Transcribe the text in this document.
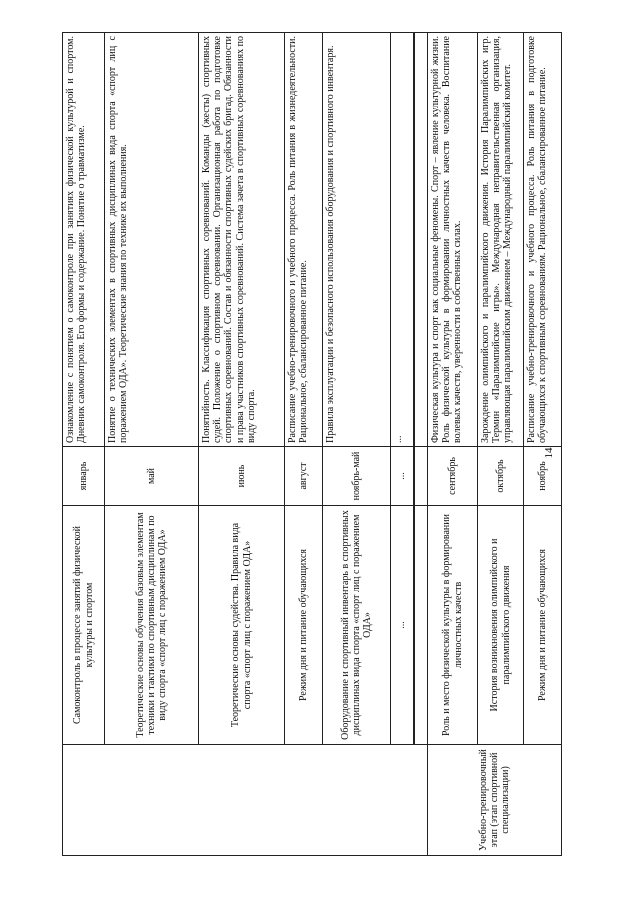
14
	Самоконтроль в процессе занятий физической культуры и спортом	январь	Ознакомление с понятием о самоконтроле при занятиях физической культурой и спортом. Дневник самоконтроля. Его формы и содержание. Понятие о травматизме.
	Теоретические основы обучения базовым элементам техники и тактики по спортивным дисциплинам по виду спорта «спорт лиц с поражением ОДА»	май	Понятие о технических элементах в спортивных дисциплинах вида спорта «спорт лиц с поражением ОДА». Теоретические знания по технике их выполнения.
	Теоретические основы судейства. Правила вида спорта «спорт лиц с поражением ОДА»	июнь	Понятийность. Классификация спортивных соревнований. Команды (жесты) спортивных судей. Положение о спортивном соревновании. Организационная работа по подготовке спортивных соревнований. Состав и обязанности спортивных судейских бригад. Обязанности и права участников спортивных соревнований. Система зачета в спортивных соревнованиях по виду спорта.
	Режим дня и питание обучающихся	август	Расписание учебно-тренировочного и учебного процесса. Роль питания в жизнедеятельности. Рациональное, сбалансированное питание.
	Оборудование и спортивный инвентарь в спортивных дисциплинах вида спорта «спорт лиц с поражением ОДА»	ноябрь-май	Правила эксплуатации и безопасного использования оборудования и спортивного инвентаря.
	...	...	...

Учебно-тренировочный этап (этап спортивной специализации)	Роль и место физической культуры в формировании личностных качеств	сентябрь	Физическая культура и спорт как социальные феномены. Спорт – явление культурной жизни. Роль физической культуры в формировании личностных качеств человека. Воспитание волевых качеств, уверенности в собственных силах.
	История возникновения олимпийского и паралимпийского движения	октябрь	Зарождение олимпийского и паралимпийского движения. История Паралимпийских игр. Термин «Паралимпийские игры». Международная неправительственная организация, управляющая паралимпийским движением – Международный паралимпийский комитет.
	Режим дня и питание обучающихся	ноябрь	Расписание учебно-тренировочного и учебного процесса. Роль питания в подготовке обучающихся к спортивным соревнованиям. Рациональное, сбалансированное питание.
